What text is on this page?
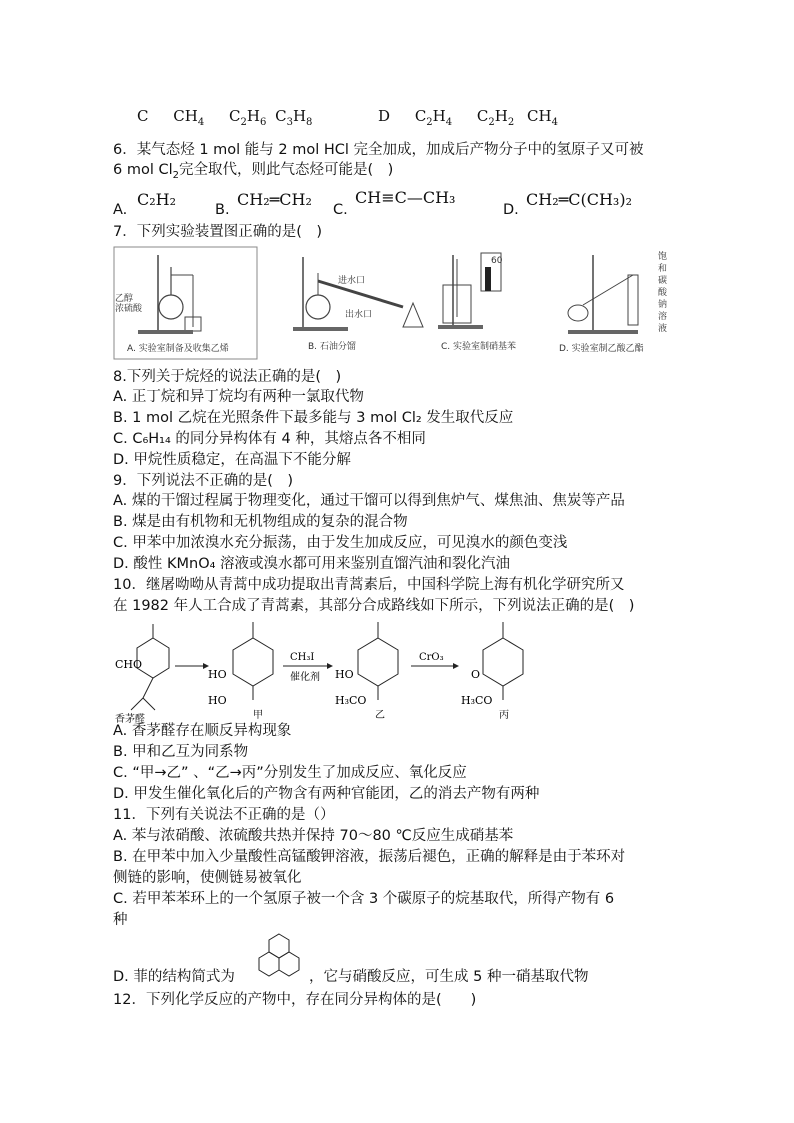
C $CH_4$ $C_2H_6$ $C_3H_8$	D $C_2H_4$ $C_2H_2$ $CH_4$
6．某气态烃 1 mol 能与 2 mol HCl 完全加成，加成后产物分子中的氢原子又可被
6 mol $Cl_2$完全取代，则此气态烃可能是(　)
A.
C₂H₂
B.
CH₂═CH₂
C.
CH≡C—CH₃
D.
CH₂═C(CH₃)₂
7．下列实验装置图正确的是(　)
乙醇
浓硫酸
A. 实验室制备及收集乙烯
进水口
出水口
B. 石油分馏
60
C. 实验室制硝基苯
饱
和
碳
酸
钠
溶
液
D. 实验室制乙酸乙酯
8.下列关于烷烃的说法正确的是(　)
A. 正丁烷和异丁烷均有两种一氯取代物
B. 1 mol 乙烷在光照条件下最多能与 3 mol Cl₂ 发生取代反应
C. C₆H₁₄ 的同分异构体有 4 种，其熔点各不相同
D. 甲烷性质稳定，在高温下不能分解
9．下列说法不正确的是(　)
A. 煤的干馏过程属于物理变化，通过干馏可以得到焦炉气、煤焦油、焦炭等产品
B. 煤是由有机物和无机物组成的复杂的混合物
C. 甲苯中加浓溴水充分振荡，由于发生加成反应，可见溴水的颜色变浅
D. 酸性 KMnO₄ 溶液或溴水都可用来鉴别直馏汽油和裂化汽油
10．继屠呦呦从青蒿中成功提取出青蒿素后，中国科学院上海有机化学研究所又
在 1982 年人工合成了青蒿素，其部分合成路线如下所示，下列说法正确的是(　)
CHO
香茅醛
HO
HO
甲
CH₃I
催化剂 HO
H₃CO
乙
CrO₃
O
H₃CO
丙
A. 香茅醛存在顺反异构现象
B. 甲和乙互为同系物
C. “甲→乙” 、“乙→丙”分别发生了加成反应、氧化反应
D. 甲发生催化氧化后的产物含有两种官能团，乙的消去产物有两种
11．下列有关说法不正确的是（）
A. 苯与浓硝酸、浓硫酸共热并保持 70～80 ℃反应生成硝基苯
B. 在甲苯中加入少量酸性高锰酸钾溶液，振荡后褪色，正确的解释是由于苯环对
侧链的影响，使侧链易被氧化
C. 若甲苯苯环上的一个氢原子被一个含 3 个碳原子的烷基取代，所得产物有 6
种
D. 菲的结构简式为	，它与硝酸反应，可生成 5 种一硝基取代物
12．下列化学反应的产物中，存在同分异构体的是(　　)
